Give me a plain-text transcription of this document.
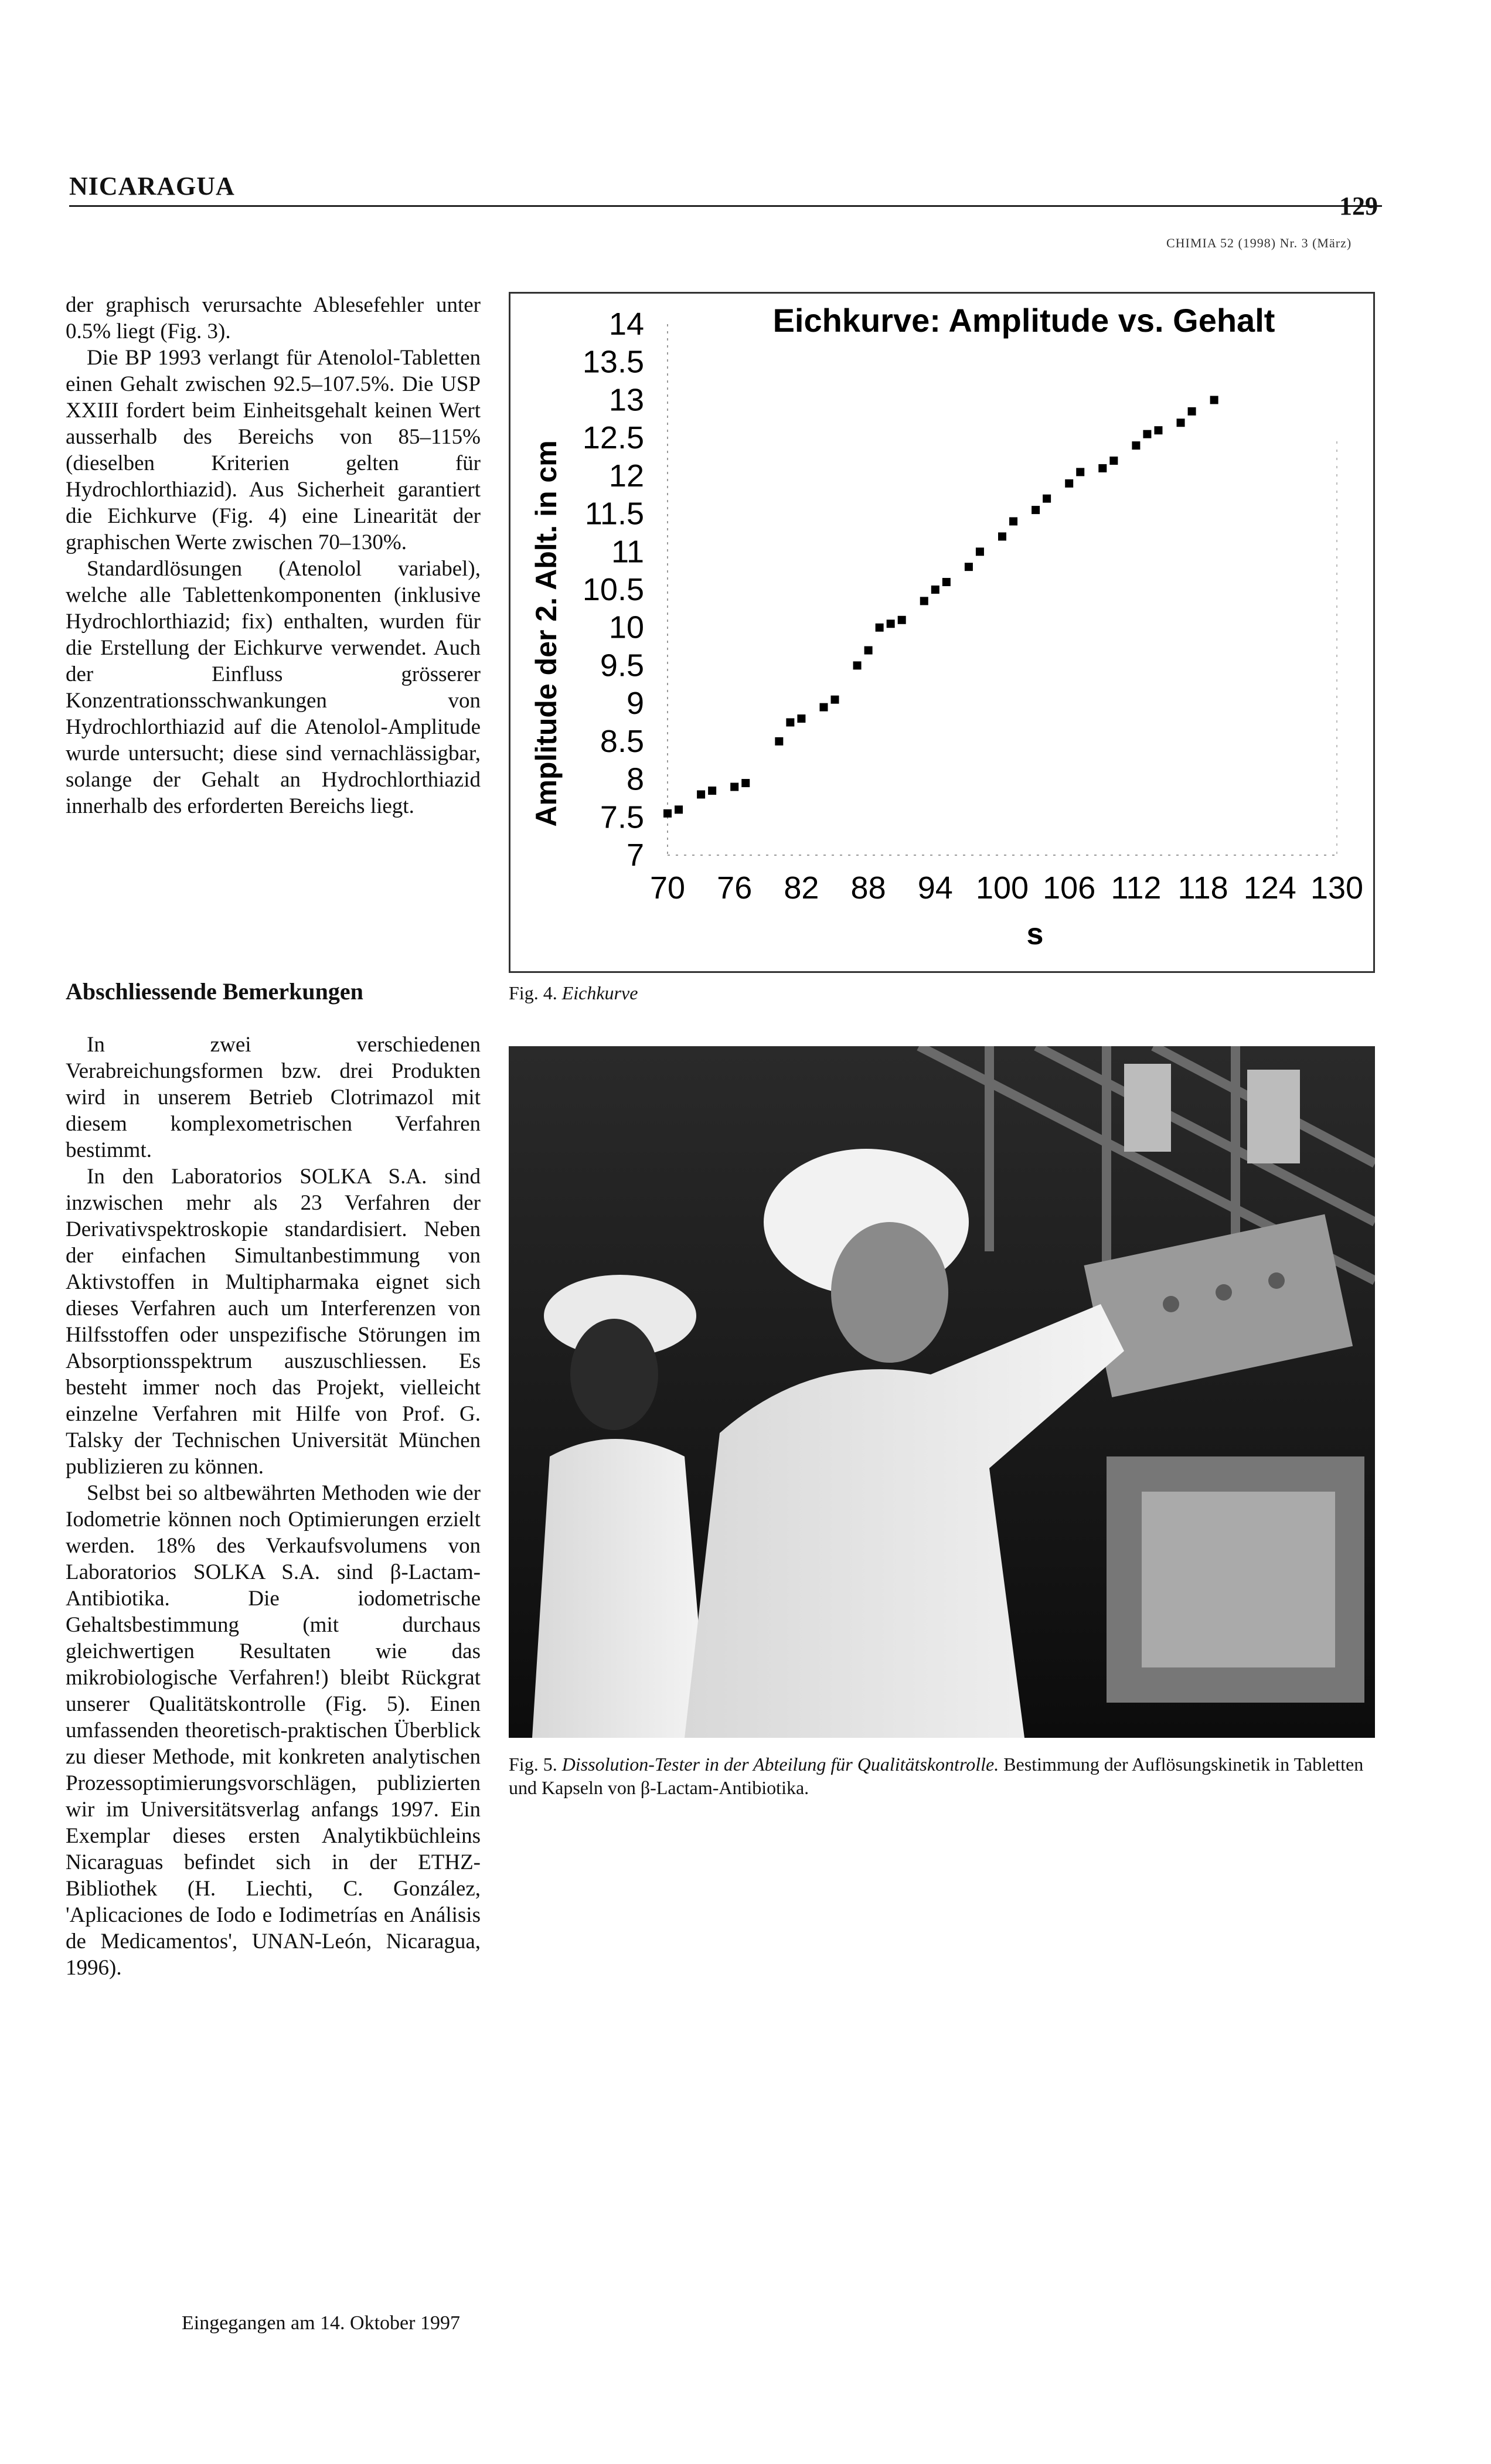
NICARAGUA
129
CHIMIA 52 (1998) Nr. 3 (März)

der graphisch verursachte Ablesefehler unter 0.5% liegt (Fig. 3).

Die BP 1993 verlangt für Atenolol-Tabletten einen Gehalt zwischen 92.5–107.5%. Die USP XXIII fordert beim Einheitsgehalt keinen Wert ausserhalb des Bereichs von 85–115% (dieselben Kriterien gelten für Hydrochlorthiazid). Aus Sicherheit garantiert die Eichkurve (Fig. 4) eine Linearität der graphischen Werte zwischen 70–130%.

Standardlösungen (Atenolol variabel), welche alle Tablettenkomponenten (inklusive Hydrochlorthiazid; fix) enthalten, wurden für die Erstellung der Eichkurve verwendet. Auch der Einfluss grösserer Konzentrationsschwankungen von Hydrochlorthiazid auf die Atenolol-Amplitude wurde untersucht; diese sind vernachlässigbar, solange der Gehalt an Hydrochlorthiazid innerhalb des erforderten Bereichs liegt.

Abschliessende Bemerkungen

In zwei verschiedenen Verabreichungsformen bzw. drei Produkten wird in unserem Betrieb Clotrimazol mit diesem komplexometrischen Verfahren bestimmt.

In den Laboratorios SOLKA S.A. sind inzwischen mehr als 23 Verfahren der Derivativspektroskopie standardisiert. Neben der einfachen Simultanbestimmung von Aktivstoffen in Multipharmaka eignet sich dieses Verfahren auch um Interferenzen von Hilfsstoffen oder unspezifische Störungen im Absorptionsspektrum auszuschliessen. Es besteht immer noch das Projekt, vielleicht einzelne Verfahren mit Hilfe von Prof. G. Talsky der Technischen Universität München publizieren zu können.

Selbst bei so altbewährten Methoden wie der Iodometrie können noch Optimierungen erzielt werden. 18% des Verkaufsvolumens von Laboratorios SOLKA S.A. sind β-Lactam-Antibiotika. Die iodometrische Gehaltsbestimmung (mit durchaus gleichwertigen Resultaten wie das mikrobiologische Verfahren!) bleibt Rückgrat unserer Qualitätskontrolle (Fig. 5). Einen umfassenden theoretisch-praktischen Überblick zu dieser Methode, mit konkreten analytischen Prozessoptimierungsvorschlägen, publizierten wir im Universitätsverlag anfangs 1997. Ein Exemplar dieses ersten Analytikbüchleins Nicaraguas befindet sich in der ETHZ-Bibliothek (H. Liechti, C. González, 'Aplicaciones de Iodo e Iodimetrías en Análisis de Medicamentos', UNAN-León, Nicaragua, 1996).

Eingegangen am 14. Oktober 1997
Eichkurve: Amplitude vs. Gehalt
Amplitude der 2. Ablt. in cm
s
7
7.5
8
8.5
9
9.5
10
10.5
11
11.5
12
12.5
13
13.5
14
70 76 82 88 94 100 106 112 118 124 130
Fig. 4. Eichkurve
Fig. 5. Dissolution-Tester in der Abteilung für Qualitätskontrolle. Bestimmung der Auflösungskinetik in Tabletten und Kapseln von β-Lactam-Antibiotika.
